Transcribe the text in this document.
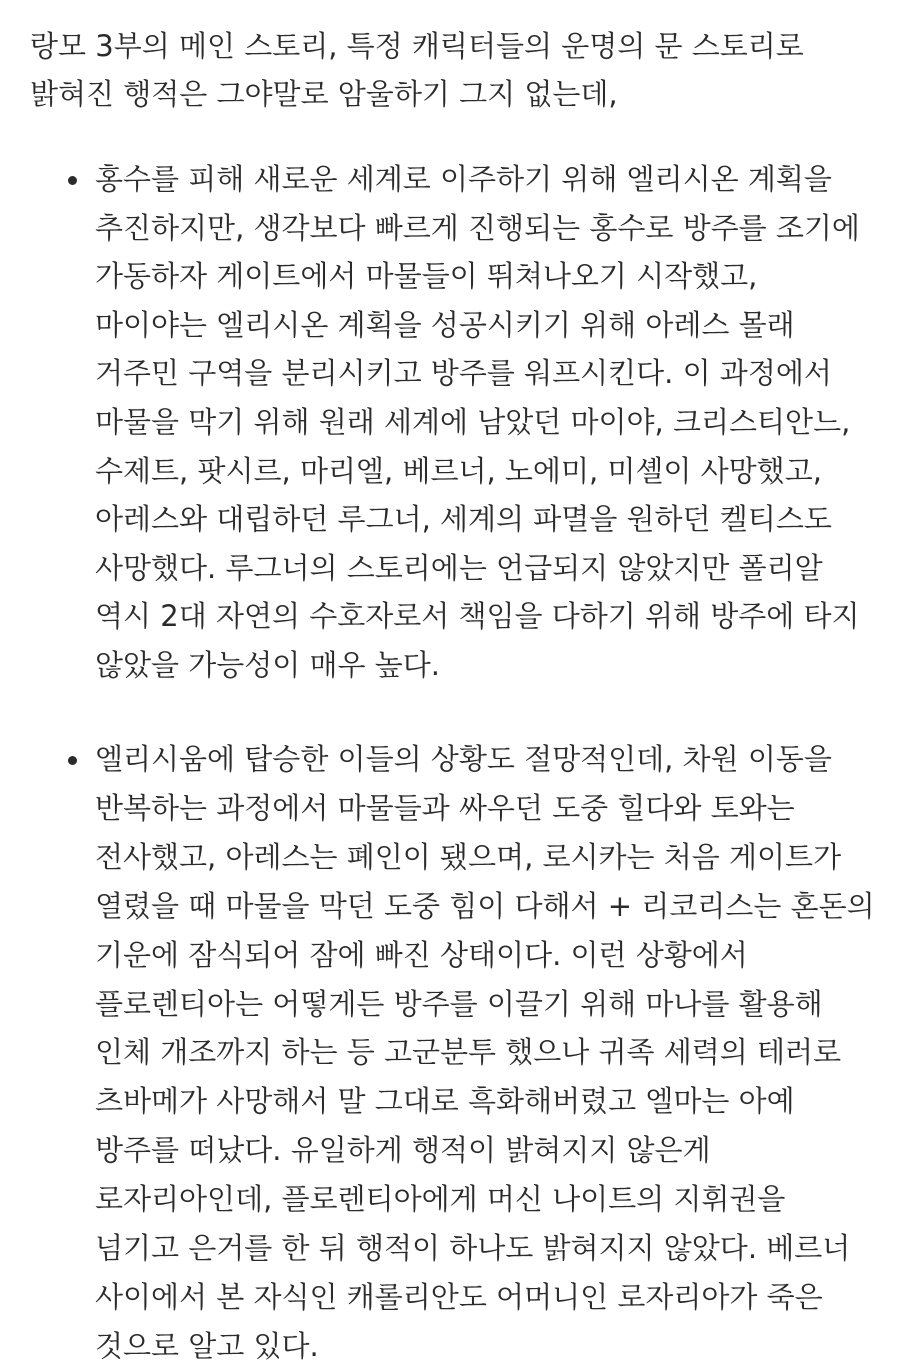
랑모 3부의 메인 스토리, 특정 캐릭터들의 운명의 문 스토리로 밝혀진 행적은 그야말로 암울하기 그지 없는데,

홍수를 피해 새로운 세계로 이주하기 위해 엘리시온 계획을 추진하지만, 생각보다 빠르게 진행되는 홍수로 방주를 조기에 가동하자 게이트에서 마물들이 뛰쳐나오기 시작했고, 마이야는 엘리시온 계획을 성공시키기 위해 아레스 몰래 거주민 구역을 분리시키고 방주를 워프시킨다. 이 과정에서 마물을 막기 위해 원래 세계에 남았던 마이야, 크리스티안느, 수제트, 팟시르, 마리엘, 베르너, 노에미, 미셸이 사망했고, 아레스와 대립하던 루그너, 세계의 파멸을 원하던 켈티스도 사망했다. 루그너의 스토리에는 언급되지 않았지만 폴리알 역시 2대 자연의 수호자로서 책임을 다하기 위해 방주에 타지 않았을 가능성이 매우 높다.
엘리시움에 탑승한 이들의 상황도 절망적인데, 차원 이동을 반복하는 과정에서 마물들과 싸우던 도중 힐다와 토와는 전사했고, 아레스는 폐인이 됐으며, 로시카는 처음 게이트가 열렸을 때 마물을 막던 도중 힘이 다해서 + 리코리스는 혼돈의 기운에 잠식되어 잠에 빠진 상태이다. 이런 상황에서 플로렌티아는 어떻게든 방주를 이끌기 위해 마나를 활용해 인체 개조까지 하는 등 고군분투 했으나 귀족 세력의 테러로 츠바메가 사망해서 말 그대로 흑화해버렸고 엘마는 아예 방주를 떠났다. 유일하게 행적이 밝혀지지 않은게 로자리아인데, 플로렌티아에게 머신 나이트의 지휘권을 넘기고 은거를 한 뒤 행적이 하나도 밝혀지지 않았다. 베르너 사이에서 본 자식인 캐롤리안도 어머니인 로자리아가 죽은 것으로 알고 있다.
